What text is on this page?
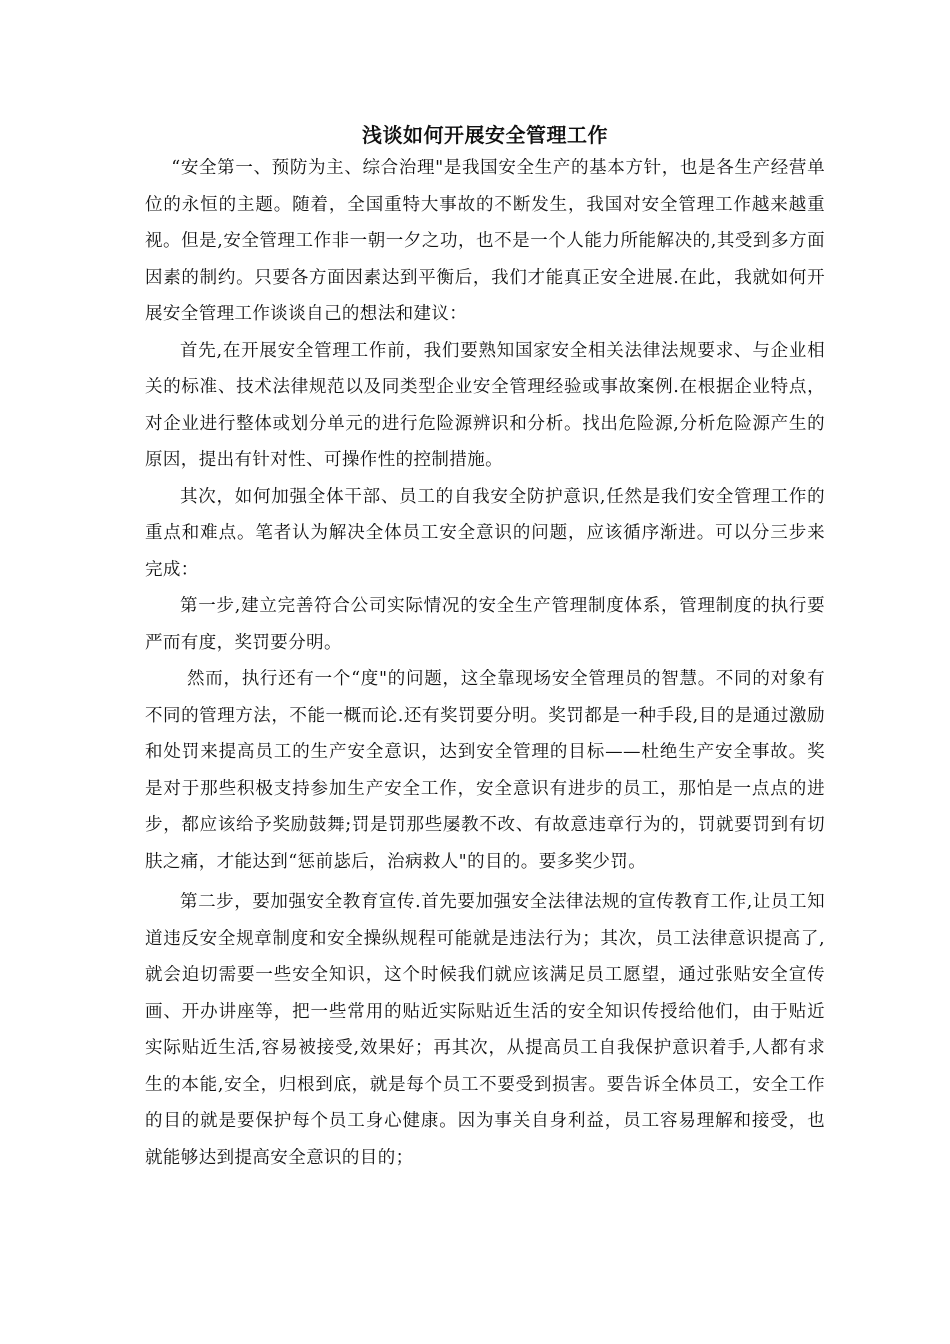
浅谈如何开展安全管理工作

“安全第一、预防为主、综合治理"是我国安全生产的基本方针，也是各生产经营单位的永恒的主题。随着，全国重特大事故的不断发生，我国对安全管理工作越来越重视。但是,安全管理工作非一朝一夕之功，也不是一个人能力所能解决的,其受到多方面因素的制约。只要各方面因素达到平衡后，我们才能真正安全进展.在此，我就如何开展安全管理工作谈谈自己的想法和建议：

首先,在开展安全管理工作前，我们要熟知国家安全相关法律法规要求、与企业相关的标准、技术法律规范以及同类型企业安全管理经验或事故案例.在根据企业特点，对企业进行整体或划分单元的进行危险源辨识和分析。找出危险源,分析危险源产生的原因，提出有针对性、可操作性的控制措施。

其次，如何加强全体干部、员工的自我安全防护意识,任然是我们安全管理工作的重点和难点。笔者认为解决全体员工安全意识的问题，应该循序渐进。可以分三步来完成：

第一步,建立完善符合公司实际情况的安全生产管理制度体系，管理制度的执行要严而有度，奖罚要分明。

然而，执行还有一个“度"的问题，这全靠现场安全管理员的智慧。不同的对象有不同的管理方法，不能一概而论.还有奖罚要分明。奖罚都是一种手段,目的是通过激励和处罚来提高员工的生产安全意识，达到安全管理的目标——杜绝生产安全事故。奖是对于那些积极支持参加生产安全工作，安全意识有进步的员工，那怕是一点点的进步，都应该给予奖励鼓舞;罚是罚那些屡教不改、有故意违章行为的，罚就要罚到有切肤之痛，才能达到“惩前毖后，治病救人"的目的。要多奖少罚。

第二步，要加强安全教育宣传.首先要加强安全法律法规的宣传教育工作,让员工知道违反安全规章制度和安全操纵规程可能就是违法行为；其次，员工法律意识提高了,就会迫切需要一些安全知识，这个时候我们就应该满足员工愿望，通过张贴安全宣传画、开办讲座等，把一些常用的贴近实际贴近生活的安全知识传授给他们，由于贴近实际贴近生活,容易被接受,效果好；再其次，从提高员工自我保护意识着手,人都有求生的本能,安全，归根到底，就是每个员工不要受到损害。要告诉全体员工，安全工作的目的就是要保护每个员工身心健康。因为事关自身利益，员工容易理解和接受，也就能够达到提高安全意识的目的；
